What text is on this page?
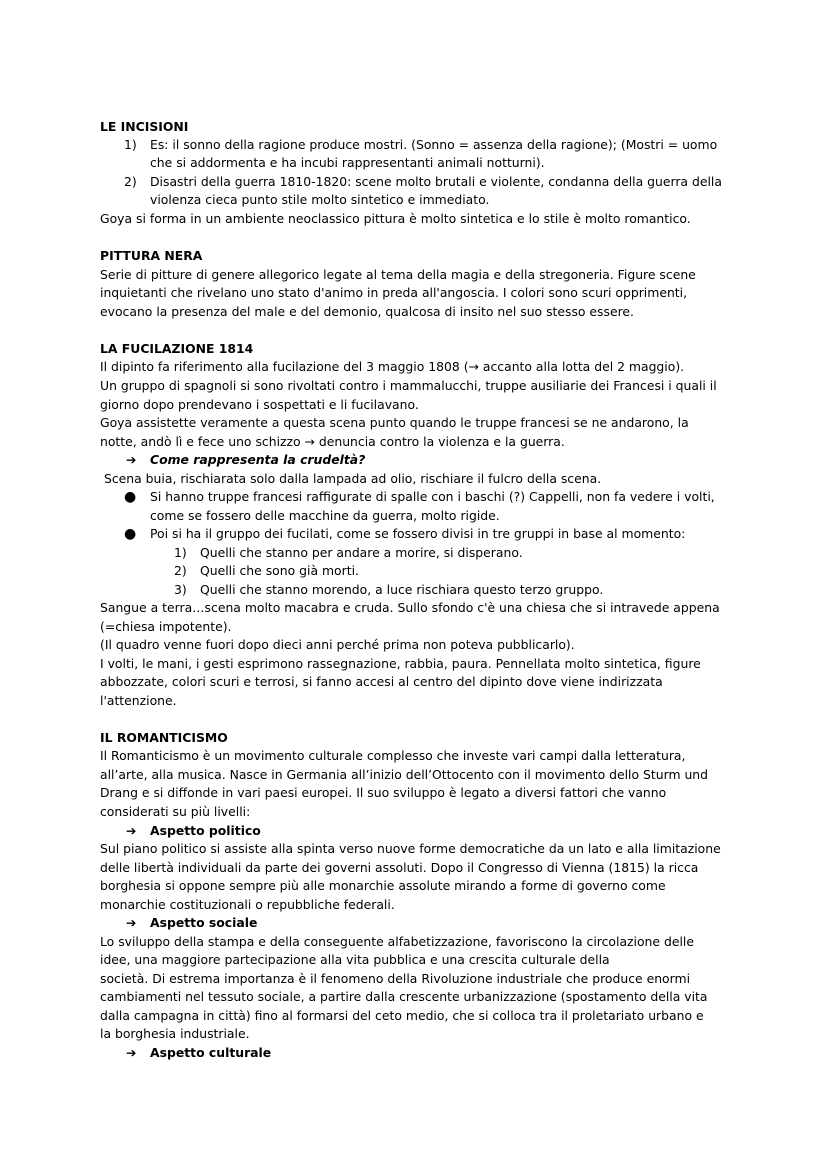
LE INCISIONI

1) Es: il sonno della ragione produce mostri. (Sonno = assenza della ragione); (Mostri = uomo

che si addormenta e ha incubi rappresentanti animali notturni).

2) Disastri della guerra 1810-1820: scene molto brutali e violente, condanna della guerra della

violenza cieca punto stile molto sintetico e immediato.

Goya si forma in un ambiente neoclassico pittura è molto sintetica e lo stile è molto romantico.

PITTURA NERA

Serie di pitture di genere allegorico legate al tema della magia e della stregoneria. Figure scene

inquietanti che rivelano uno stato d'animo in preda all'angoscia. I colori sono scuri opprimenti,

evocano la presenza del male e del demonio, qualcosa di insito nel suo stesso essere.

LA FUCILAZIONE 1814

Il dipinto fa riferimento alla fucilazione del 3 maggio 1808 (→ accanto alla lotta del 2 maggio).

Un gruppo di spagnoli si sono rivoltati contro i mammalucchi, truppe ausiliarie dei Francesi i quali il

giorno dopo prendevano i sospettati e li fucilavano.

Goya assistette veramente a questa scena punto quando le truppe francesi se ne andarono, la

notte, andò lì e fece uno schizzo → denuncia contro la violenza e la guerra.

➔ Come rappresenta la crudeltà?

Scena buia, rischiarata solo dalla lampada ad olio, rischiare il fulcro della scena.

● Si hanno truppe francesi raffigurate di spalle con i baschi (?) Cappelli, non fa vedere i volti,

come se fossero delle macchine da guerra, molto rigide.

● Poi si ha il gruppo dei fucilati, come se fossero divisi in tre gruppi in base al momento:

1) Quelli che stanno per andare a morire, si disperano.

2) Quelli che sono già morti.

3) Quelli che stanno morendo, a luce rischiara questo terzo gruppo.

Sangue a terra…scena molto macabra e cruda. Sullo sfondo c'è una chiesa che si intravede appena

(=chiesa impotente).

(Il quadro venne fuori dopo dieci anni perché prima non poteva pubblicarlo).

I volti, le mani, i gesti esprimono rassegnazione, rabbia, paura. Pennellata molto sintetica, figure

abbozzate, colori scuri e terrosi, si fanno accesi al centro del dipinto dove viene indirizzata

l'attenzione.

IL ROMANTICISMO

Il Romanticismo è un movimento culturale complesso che investe vari campi dalla letteratura,

all’arte, alla musica. Nasce in Germania all’inizio dell’Ottocento con il movimento dello Sturm und

Drang e si diffonde in vari paesi europei. Il suo sviluppo è legato a diversi fattori che vanno

considerati su più livelli:

➔ Aspetto politico

Sul piano politico si assiste alla spinta verso nuove forme democratiche da un lato e alla limitazione

delle libertà individuali da parte dei governi assoluti. Dopo il Congresso di Vienna (1815) la ricca

borghesia si oppone sempre più alle monarchie assolute mirando a forme di governo come

monarchie costituzionali o repubbliche federali.

➔ Aspetto sociale

Lo sviluppo della stampa e della conseguente alfabetizzazione, favoriscono la circolazione delle

idee, una maggiore partecipazione alla vita pubblica e una crescita culturale della

società. Di estrema importanza è il fenomeno della Rivoluzione industriale che produce enormi

cambiamenti nel tessuto sociale, a partire dalla crescente urbanizzazione (spostamento della vita

dalla campagna in città) fino al formarsi del ceto medio, che si colloca tra il proletariato urbano e

la borghesia industriale.

➔ Aspetto culturale
